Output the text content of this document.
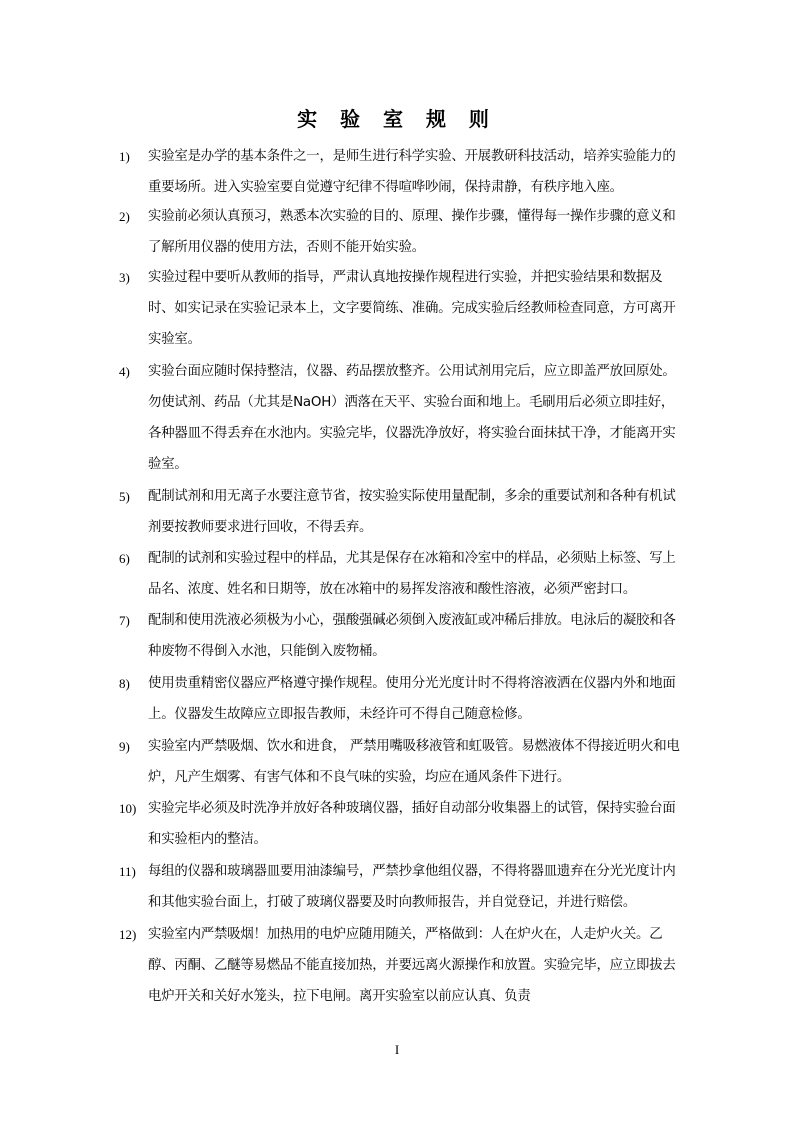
实 验 室 规 则
1) 实验室是办学的基本条件之一，是师生进行科学实验、开展教研科技活动，培养实验能力的重要场所。进入实验室要自觉遵守纪律不得喧哗吵闹，保持肃静，有秩序地入座。
2) 实验前必须认真预习，熟悉本次实验的目的、原理、操作步骤，懂得每一操作步骤的意义和了解所用仪器的使用方法，否则不能开始实验。
3) 实验过程中要听从教师的指导，严肃认真地按操作规程进行实验，并把实验结果和数据及时、如实记录在实验记录本上，文字要简练、准确。完成实验后经教师检查同意，方可离开实验室。
4) 实验台面应随时保持整洁，仪器、药品摆放整齐。公用试剂用完后，应立即盖严放回原处。勿使试剂、药品（尤其是NaOH）洒落在天平、实验台面和地上。毛刷用后必须立即挂好，各种器皿不得丢弃在水池内。实验完毕，仪器洗净放好，将实验台面抹拭干净，才能离开实验室。
5) 配制试剂和用无离子水要注意节省，按实验实际使用量配制，多余的重要试剂和各种有机试剂要按教师要求进行回收，不得丢弃。
6) 配制的试剂和实验过程中的样品，尤其是保存在冰箱和冷室中的样品，必须贴上标签、写上品名、浓度、姓名和日期等，放在冰箱中的易挥发溶液和酸性溶液，必须严密封口。
7) 配制和使用洗液必须极为小心，强酸强碱必须倒入废液缸或冲稀后排放。电泳后的凝胶和各种废物不得倒入水池，只能倒入废物桶。
8) 使用贵重精密仪器应严格遵守操作规程。使用分光光度计时不得将溶液洒在仪器内外和地面上。仪器发生故障应立即报告教师，未经许可不得自己随意检修。
9) 实验室内严禁吸烟、饮水和进食， 严禁用嘴吸移液管和虹吸管。易燃液体不得接近明火和电炉，凡产生烟雾、有害气体和不良气味的实验，均应在通风条件下进行。
10) 实验完毕必须及时洗净并放好各种玻璃仪器，插好自动部分收集器上的试管，保持实验台面和实验柜内的整洁。
11) 每组的仪器和玻璃器皿要用油漆编号，严禁抄拿他组仪器，不得将器皿遗弃在分光光度计内和其他实验台面上，打破了玻璃仪器要及时向教师报告，并自觉登记，并进行赔偿。
12) 实验室内严禁吸烟！加热用的电炉应随用随关，严格做到：人在炉火在，人走炉火关。乙醇、丙酮、乙醚等易燃品不能直接加热，并要远离火源操作和放置。实验完毕，应立即拔去电炉开关和关好水笼头，拉下电闸。离开实验室以前应认真、负责
I
